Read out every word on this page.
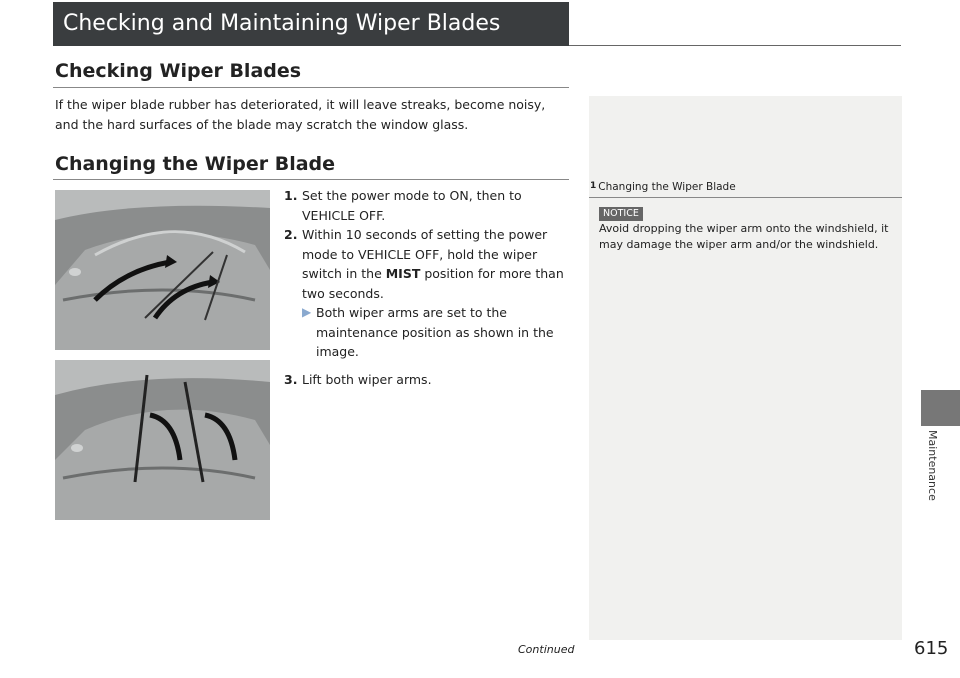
Checking and Maintaining Wiper Blades
Checking Wiper Blades
If the wiper blade rubber has deteriorated, it will leave streaks, become noisy, and the hard surfaces of the blade may scratch the window glass.
Changing the Wiper Blade
1. Set the power mode to ON, then to VEHICLE OFF.
2. Within 10 seconds of setting the power mode to VEHICLE OFF, hold the wiper switch in the MIST position for more than two seconds.
▶ Both wiper arms are set to the maintenance position as shown in the image.
3. Lift both wiper arms.
1 Changing the Wiper Blade
NOTICE
Avoid dropping the wiper arm onto the windshield, it may damage the wiper arm and/or the windshield.
Maintenance
Continued	615
